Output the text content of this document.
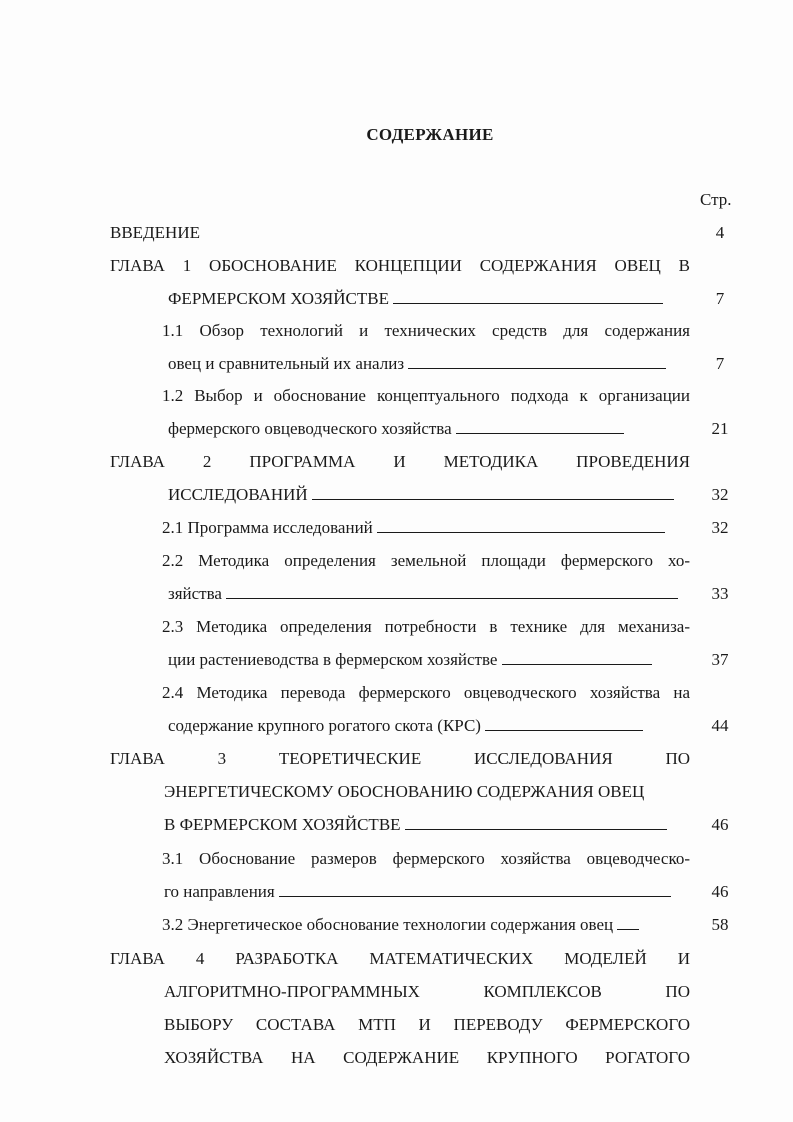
СОДЕРЖАНИЕ
Стр.
ВВЕДЕНИЕ	4
ГЛАВА 1 ОБОСНОВАНИЕ КОНЦЕПЦИИ СОДЕРЖАНИЯ ОВЕЦ В
ФЕРМЕРСКОМ ХОЗЯЙСТВЕ	7
1.1 Обзор технологий и технических средств для содержания
овец и сравнительный их анализ	7
1.2 Выбор и обоснование концептуального подхода к организации
фермерского овцеводческого хозяйства	21
ГЛАВА 2 ПРОГРАММА И МЕТОДИКА ПРОВЕДЕНИЯ
ИССЛЕДОВАНИЙ	32
2.1 Программа исследований	32
2.2 Методика определения земельной площади фермерского хо-
зяйства	33
2.3 Методика определения потребности в технике для механиза-
ции растениеводства в фермерском хозяйстве	37
2.4 Методика перевода фермерского овцеводческого хозяйства на
содержание крупного рогатого скота (КРС)	44
ГЛАВА 3 ТЕОРЕТИЧЕСКИЕ ИССЛЕДОВАНИЯ ПО
ЭНЕРГЕТИЧЕСКОМУ ОБОСНОВАНИЮ СОДЕРЖАНИЯ ОВЕЦ
В ФЕРМЕРСКОМ ХОЗЯЙСТВЕ	46
3.1 Обоснование размеров фермерского хозяйства овцеводческо-
го направления	46
3.2 Энергетическое обоснование технологии содержания овец	58
ГЛАВА 4 РАЗРАБОТКА МАТЕМАТИЧЕСКИХ МОДЕЛЕЙ И
АЛГОРИТМНО-ПРОГРАММНЫХ КОМПЛЕКСОВ ПО
ВЫБОРУ СОСТАВА МТП И ПЕРЕВОДУ ФЕРМЕРСКОГО
ХОЗЯЙСТВА НА СОДЕРЖАНИЕ КРУПНОГО РОГАТОГО
